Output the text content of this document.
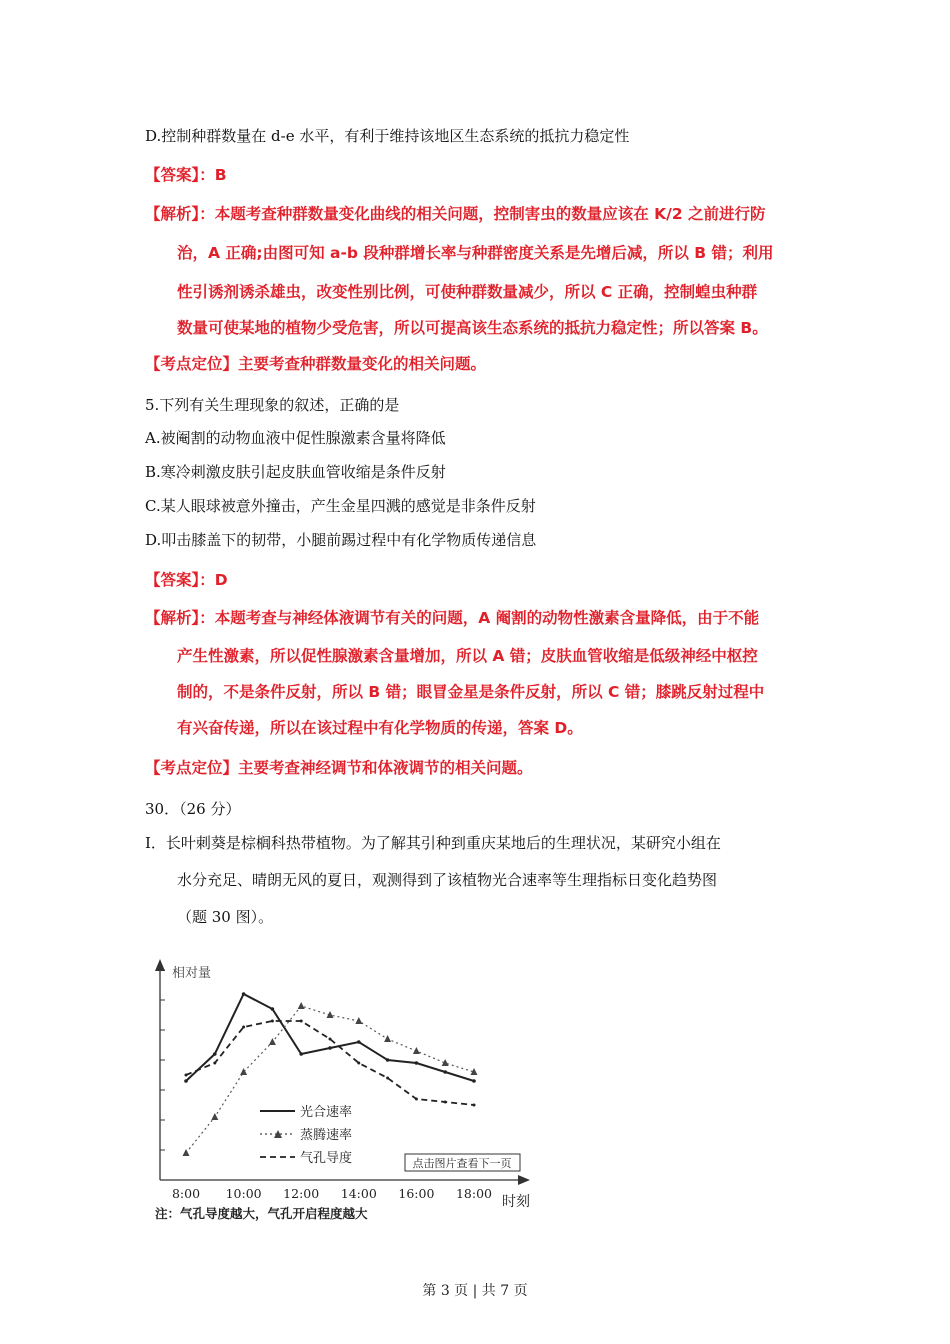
D.控制种群数量在 d-e 水平，有利于维持该地区生态系统的抵抗力稳定性
【答案】：B
【解析】：本题考查种群数量变化曲线的相关问题，控制害虫的数量应该在 K/2 之前进行防
治，A 正确;由图可知 a-b 段种群增长率与种群密度关系是先增后减，所以 B 错；利用
性引诱剂诱杀雄虫，改变性别比例，可使种群数量减少，所以 C 正确，控制蝗虫种群
数量可使某地的植物少受危害，所以可提高该生态系统的抵抗力稳定性；所以答案 B。
【考点定位】主要考查种群数量变化的相关问题。
5.下列有关生理现象的叙述，正确的是
A.被阉割的动物血液中促性腺激素含量将降低
B.寒冷刺激皮肤引起皮肤血管收缩是条件反射
C.某人眼球被意外撞击，产生金星四溅的感觉是非条件反射
D.叩击膝盖下的韧带，小腿前踢过程中有化学物质传递信息
【答案】：D
【解析】：本题考查与神经体液调节有关的问题，A 阉割的动物性激素含量降低，由于不能
产生性激素，所以促性腺激素含量增加，所以 A 错；皮肤血管收缩是低级神经中枢控
制的，不是条件反射，所以 B 错；眼冒金星是条件反射，所以 C 错；膝跳反射过程中
有兴奋传递，所以在该过程中有化学物质的传递，答案 D。
【考点定位】主要考查神经调节和体液调节的相关问题。
30．（26 分）
I．长叶刺葵是棕榈科热带植物。为了解其引种到重庆某地后的生理状况，某研究小组在
水分充足、晴朗无风的夏日，观测得到了该植物光合速率等生理指标日变化趋势图
（题 30 图）。
相对量
时刻
8:00 10:00 12:00 14:00 16:00 18:00
光合速率
蒸腾速率
气孔导度	点击图片查看下一页
注：气孔导度越大，气孔开启程度越大
第 3 页 | 共 7 页
